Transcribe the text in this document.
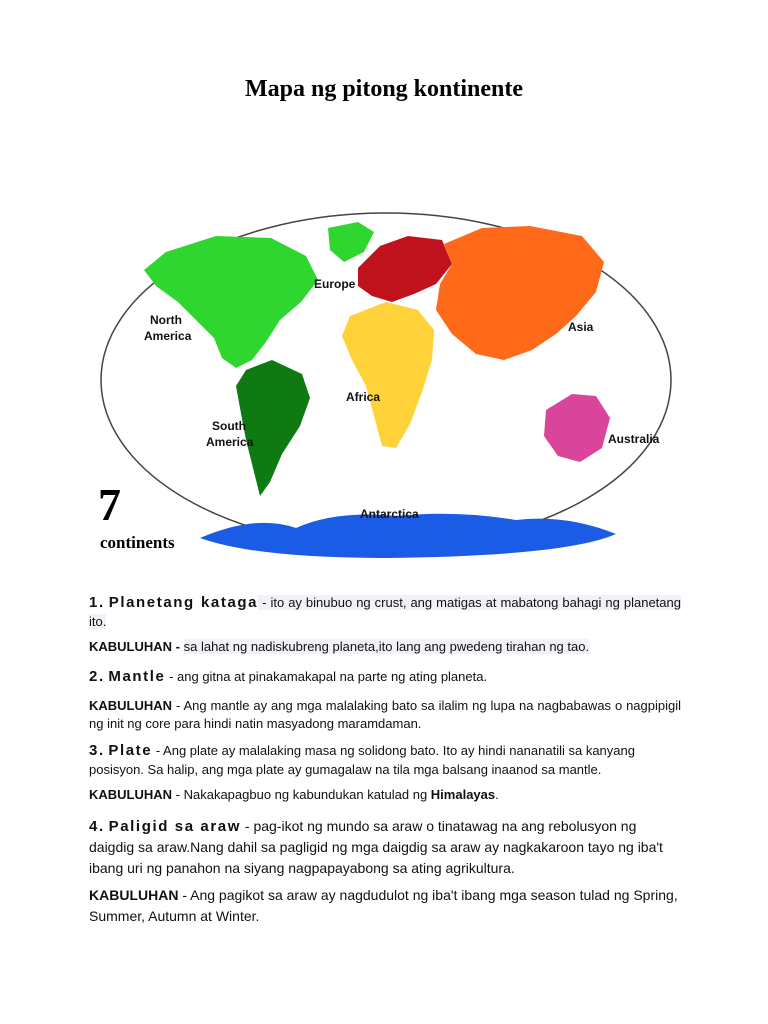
Mapa ng pitong kontinente
North
America
South
America
Europe
Africa
Asia
Australia
Antarctica
7
continents
1. Planetang kataga - ito ay binubuo ng crust, ang matigas at mabatong bahagi ng planetang ito.
KABULUHAN - sa lahat ng nadiskubreng planeta,ito lang ang pwedeng tirahan ng tao.
2. Mantle - ang gitna at pinakamakapal na parte ng ating planeta.
KABULUHAN - Ang mantle ay ang mga malalaking bato sa ilalim ng lupa na nagbabawas o nagpipigil ng init ng core para hindi natin masyadong maramdaman.
3. Plate - Ang plate ay malalaking masa ng solidong bato. Ito ay hindi nananatili sa kanyang posisyon. Sa halip, ang mga plate ay gumagalaw na tila mga balsang inaanod sa mantle.
KABULUHAN - Nakakapagbuo ng kabundukan katulad ng Himalayas.
4. Paligid sa araw - pag-ikot ng mundo sa araw o tinatawag na ang rebolusyon ng daigdig sa araw.Nang dahil sa pagligid ng mga daigdig sa araw ay nagkakaroon tayo ng iba't ibang uri ng panahon na siyang nagpapayabong sa ating agrikultura.
KABULUHAN - Ang pagikot sa araw ay nagdudulot ng iba't ibang mga season tulad ng Spring, Summer, Autumn at Winter.
